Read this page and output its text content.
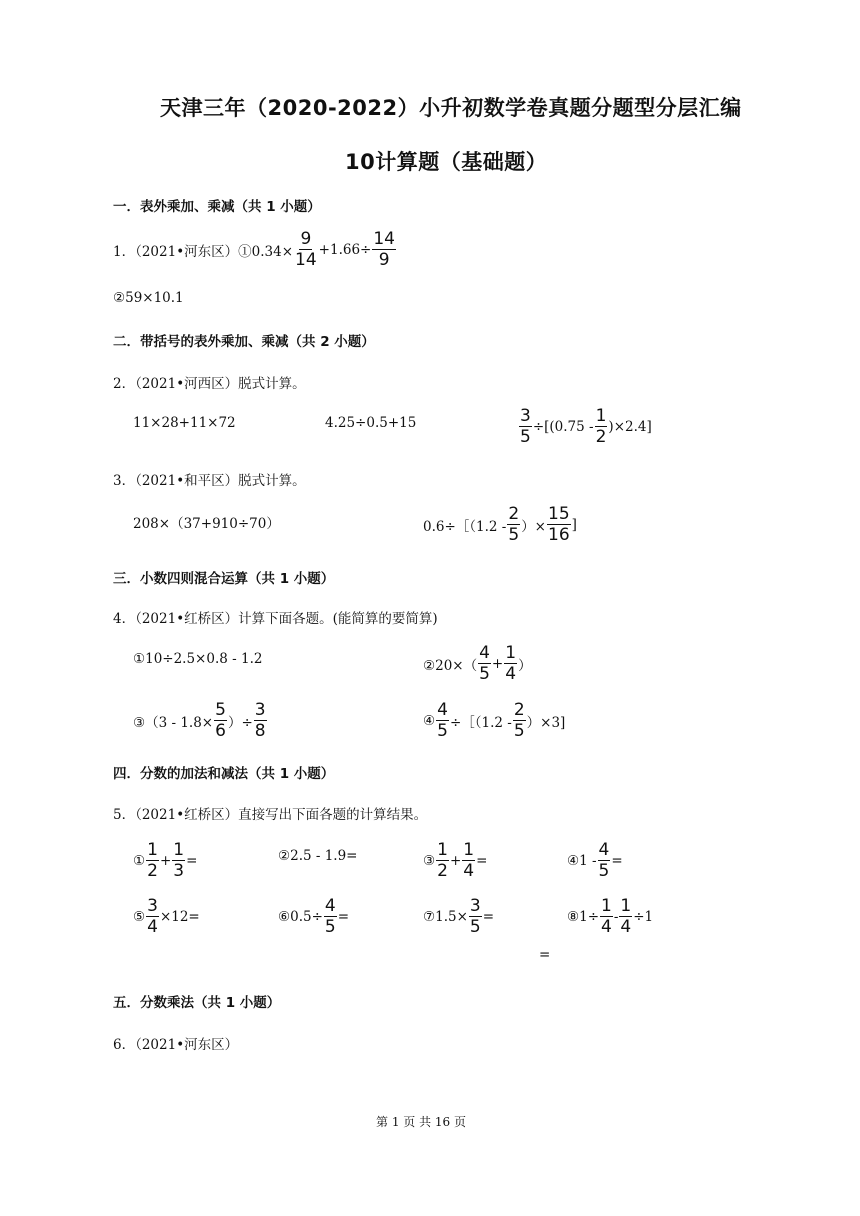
天津三年（2020-2022）小升初数学卷真题分题型分层汇编
10计算题（基础题）
一．表外乘加、乘减（共 1 小题）
1．（2021•河东区）①0.34× $\frac{9}{14} +1.66\div \frac{14}{9}$
②59×10.1
二．带括号的表外乘加、乘减（共 2 小题）
2．（2021•河西区）脱式计算。
11×28+11×72	4.25÷0.5+15	$\frac{3}{5} \div[(0.75 - \frac{1}{2} )\times 2.4]$
3．（2021•和平区）脱式计算。
208×（37+910÷70）	0.6÷［（1.2 - $\frac{2}{5}$ ）× $\frac{15}{16}$ ]
三．小数四则混合运算（共 1 小题）
4．（2021•红桥区）计算下面各题。(能简算的要简算)
①10÷2.5×0.8 - 1.2	②20×（ $\frac{4}{5} + \frac{1}{4}$ ）
③（3 - $1.8\times \frac{5}{6}$ ）÷ $\frac{3}{8}$	④ $\frac{4}{5}$ ÷［（1.2 - $\frac{2}{5} )\times 3$]
四．分数的加法和减法（共 1 小题）
5．（2021•红桥区）直接写出下面各题的计算结果。
① $\frac{1}{2} + \frac{1}{3}$ =	②2.5 - 1.9=	③ $\frac{1}{2} + \frac{1}{4}$ =	④1 - $\frac{4}{5}$ =
⑤ $\frac{3}{4} \times 12=$	⑥0.5÷ $\frac{4}{5}$ =	⑦1.5× $\frac{3}{5}$ =	⑧1÷ $\frac{1}{4} - \frac{1}{4} \div 1$
=
五．分数乘法（共 1 小题）
6．（2021•河东区）
第 1 页 共 16 页
